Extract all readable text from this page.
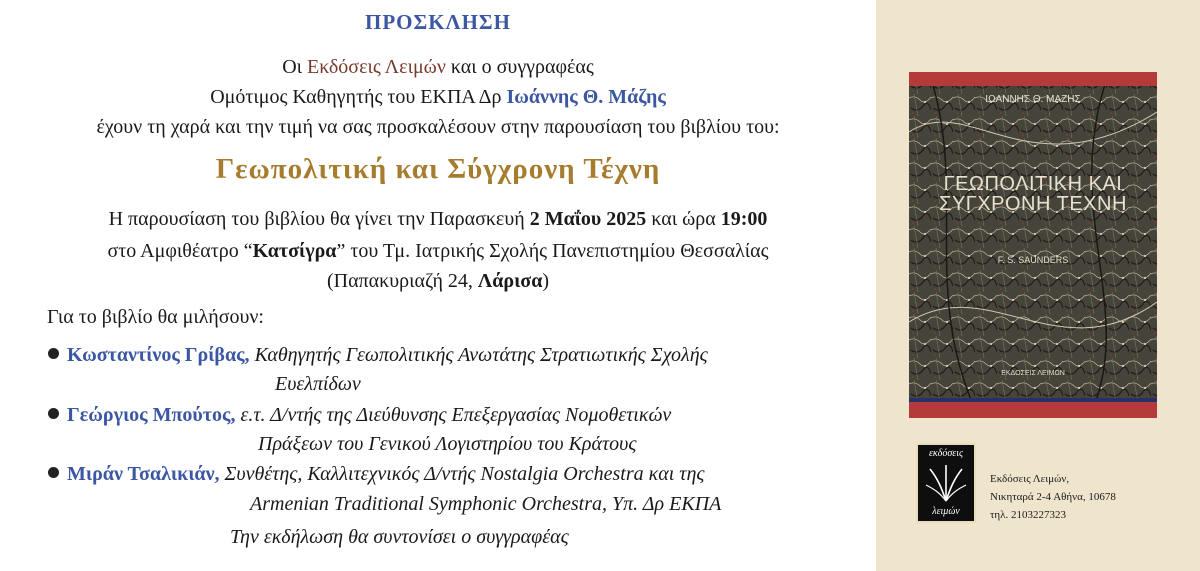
ΠΡΟΣΚΛΗΣΗ
Οι Εκδόσεις Λειμών και ο συγγραφέας
Ομότιμος Καθηγητής του ΕΚΠΑ Δρ Ιωάννης Θ. Μάζης
έχουν τη χαρά και την τιμή να σας προσκαλέσουν στην παρουσίαση του βιβλίου του:
Γεωπολιτική και Σύγχρονη Τέχνη
Η παρουσίαση του βιβλίου θα γίνει την Παρασκευή 2 Μαΐου 2025 και ώρα 19:00
στο Αμφιθέατρο “Κατσίγρα” του Τμ. Ιατρικής Σχολής Πανεπιστημίου Θεσσαλίας
(Παπακυριαζή 24, Λάρισα)
Για το βιβλίο θα μιλήσουν:
Κωσταντίνος Γρίβας, Καθηγητής Γεωπολιτικής Ανωτάτης Στρατιωτικής Σχολής
Ευελπίδων
Γεώργιος Μπούτος, ε.τ. Δ/ντής της Διεύθυνσης Επεξεργασίας Νομοθετικών
Πράξεων του Γενικού Λογιστηρίου του Κράτους
Μιράν Τσαλικιάν, Συνθέτης, Καλλιτεχνικός Δ/ντής Nostalgia Orchestra και της
Armenian Traditional Symphonic Orchestra, Υπ. Δρ ΕΚΠΑ
Την εκδήλωση θα συντονίσει ο συγγραφέας
ΙΩΑΝΝΗΣ Θ. ΜΑΖΗΣ
ΓΕΩΠΟΛΙΤΙΚΗ ΚΑΙ
ΣΥΓΧΡΟΝΗ ΤΕΧΝΗ
F. S. SAUNDERS
ΕΚΔΟΣΕΙΣ ΛΕΙΜΩΝ
εκδόσεις
λειμών
Εκδόσεις Λειμών,
Νικηταρά 2-4 Αθήνα, 10678
τηλ. 2103227323
